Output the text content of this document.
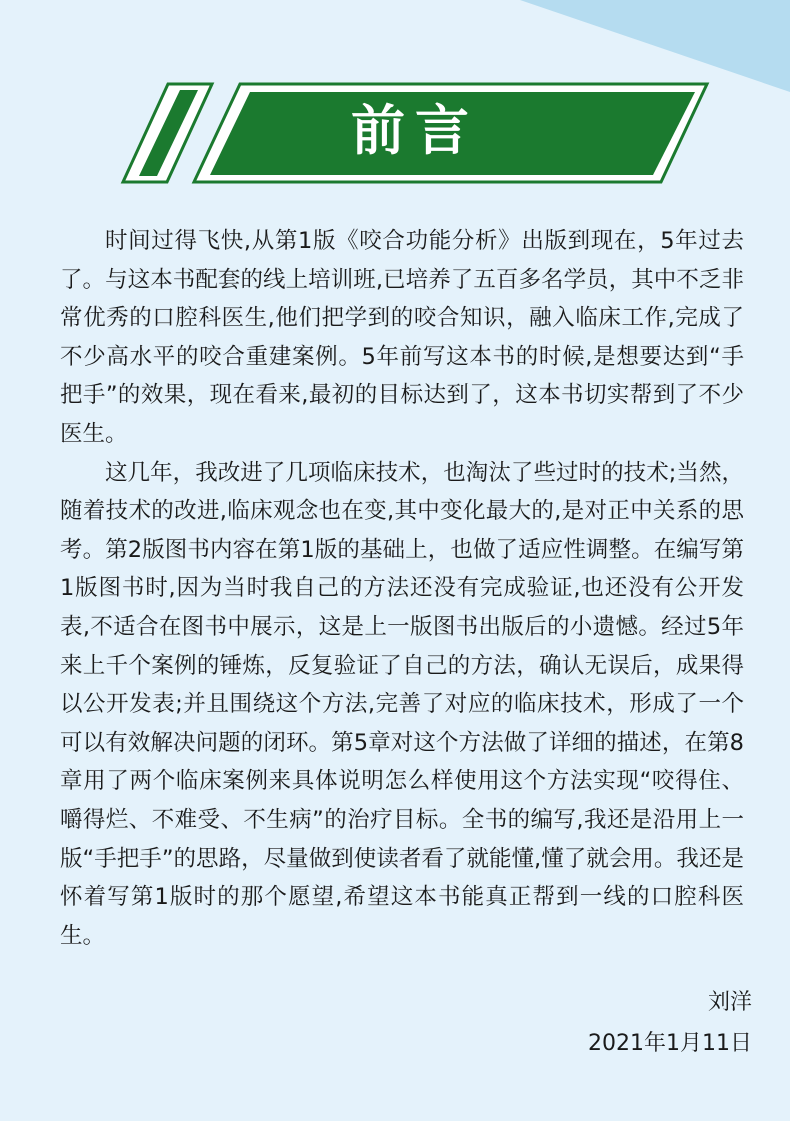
前言

时间过得飞快,从第1版《咬合功能分析》出版到现在，5年过去了。与这本书配套的线上培训班,已培养了五百多名学员，其中不乏非常优秀的口腔科医生,他们把学到的咬合知识，融入临床工作,完成了不少高水平的咬合重建案例。5年前写这本书的时候,是想要达到“手把手”的效果，现在看来,最初的目标达到了，这本书切实帮到了不少医生。

这几年，我改进了几项临床技术，也淘汰了些过时的技术;当然，随着技术的改进,临床观念也在变,其中变化最大的,是对正中关系的思考。第2版图书内容在第1版的基础上，也做了适应性调整。在编写第1版图书时,因为当时我自己的方法还没有完成验证,也还没有公开发表,不适合在图书中展示，这是上一版图书出版后的小遗憾。经过5年来上千个案例的锤炼，反复验证了自己的方法，确认无误后，成果得以公开发表;并且围绕这个方法,完善了对应的临床技术，形成了一个可以有效解决问题的闭环。第5章对这个方法做了详细的描述，在第8章用了两个临床案例来具体说明怎么样使用这个方法实现“咬得住、嚼得烂、不难受、不生病”的治疗目标。全书的编写,我还是沿用上一版“手把手”的思路，尽量做到使读者看了就能懂,懂了就会用。我还是怀着写第1版时的那个愿望,希望这本书能真正帮到一线的口腔科医生。

刘洋
2021年1月11日
